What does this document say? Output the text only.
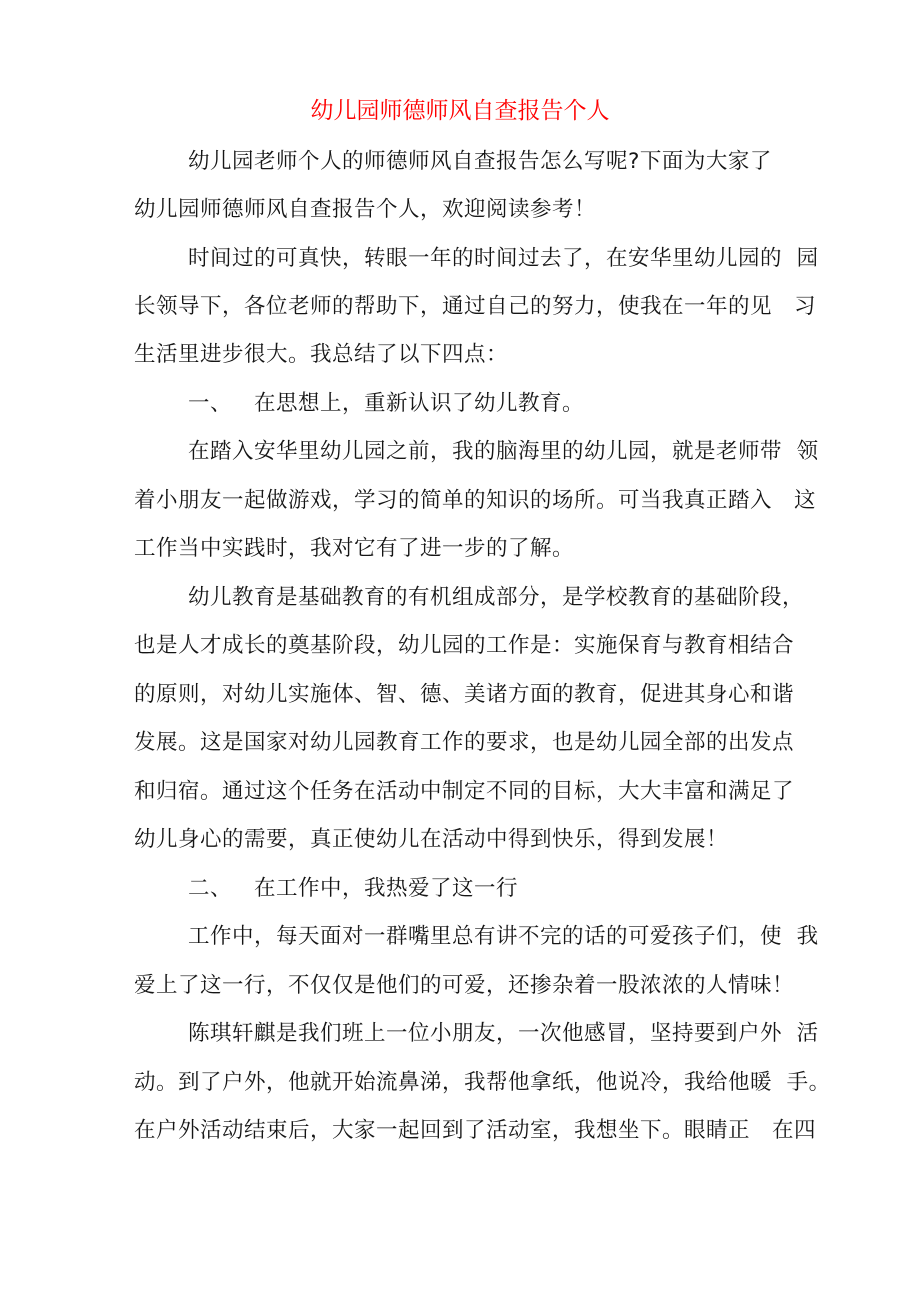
幼儿园师德师风自查报告个人
幼儿园老师个人的师德师风自查报告怎么写呢?下面为大家了
幼儿园师德师风自查报告个人，欢迎阅读参考！
时间过的可真快，转眼一年的时间过去了，在安华里幼儿园的  园
长领导下，各位老师的帮助下，通过自己的努力，使我在一年的见   习
生活里进步很大。我总结了以下四点：
一、   在思想上，重新认识了幼儿教育。
在踏入安华里幼儿园之前，我的脑海里的幼儿园，就是老师带  领
着小朋友一起做游戏，学习的简单的知识的场所。可当我真正踏入   这
工作当中实践时，我对它有了进一步的了解。
幼儿教育是基础教育的有机组成部分，是学校教育的基础阶段，
也是人才成长的奠基阶段，幼儿园的工作是：实施保育与教育相结合
的原则，对幼儿实施体、智、德、美诸方面的教育，促进其身心和谐
发展。这是国家对幼儿园教育工作的要求，也是幼儿园全部的出发点
和归宿。通过这个任务在活动中制定不同的目标，大大丰富和满足了
幼儿身心的需要，真正使幼儿在活动中得到快乐，得到发展！
二、   在工作中，我热爱了这一行
工作中，每天面对一群嘴里总有讲不完的话的可爱孩子们，使  我
爱上了这一行，不仅仅是他们的可爱，还掺杂着一股浓浓的人情味！
陈琪轩麒是我们班上一位小朋友，一次他感冒，坚持要到户外  活
动。到了户外，他就开始流鼻涕，我帮他拿纸，他说冷，我给他暖  手。
在户外活动结束后，大家一起回到了活动室，我想坐下。眼睛正   在四
